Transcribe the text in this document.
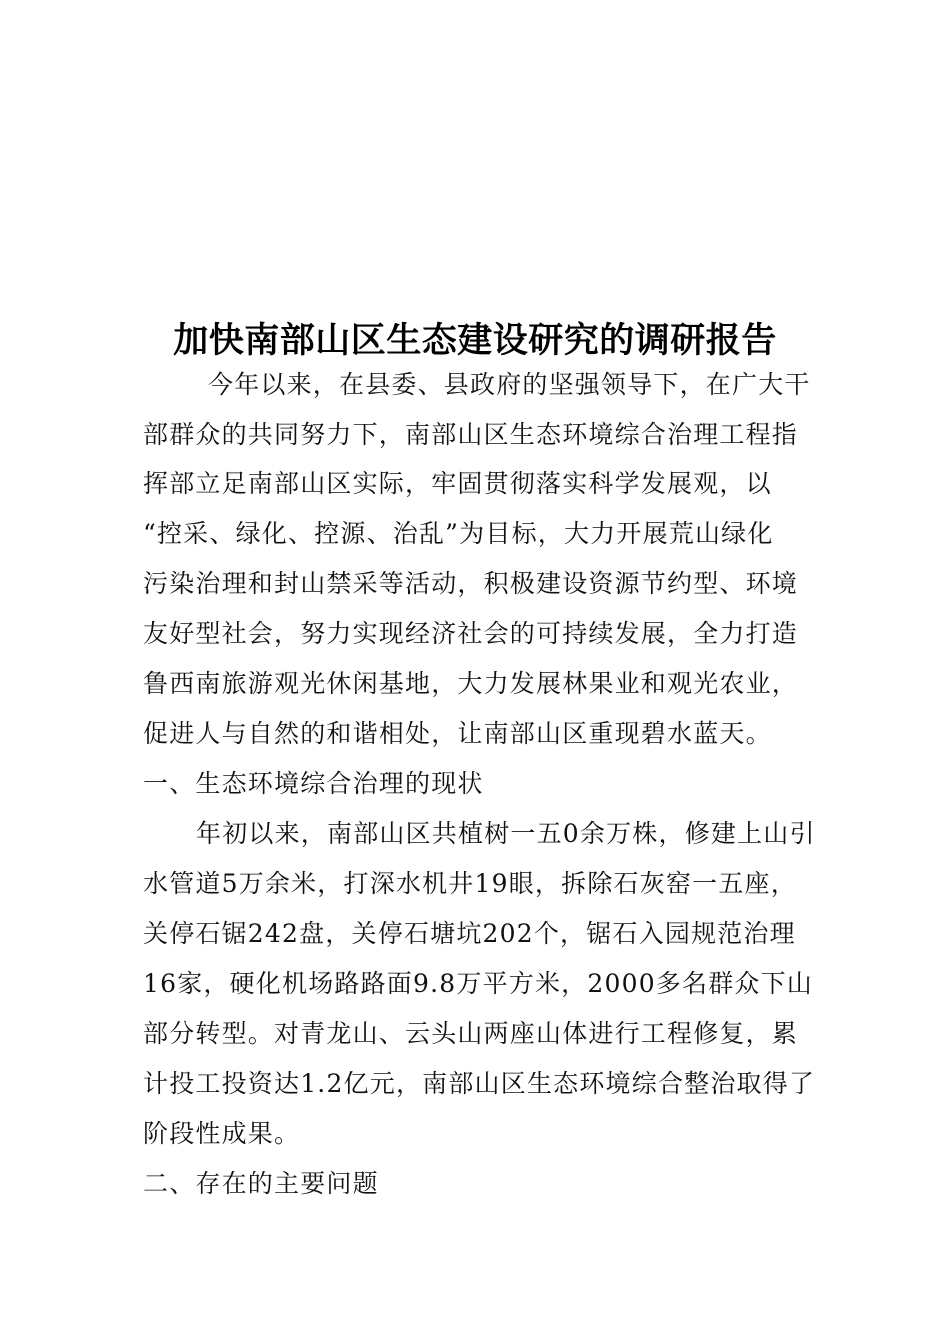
加快南部山区生态建设研究的调研报告

今年以来，在县委、县政府的坚强领导下，在广大干

部群众的共同努力下，南部山区生态环境综合治理工程指

挥部立足南部山区实际，牢固贯彻落实科学发展观，以

“控采、绿化、控源、治乱”为目标，大力开展荒山绿化

污染治理和封山禁采等活动，积极建设资源节约型、环境

友好型社会，努力实现经济社会的可持续发展，全力打造

鲁西南旅游观光休闲基地，大力发展林果业和观光农业，

促进人与自然的和谐相处，让南部山区重现碧水蓝天。

一、生态环境综合治理的现状

年初以来，南部山区共植树一五0余万株，修建上山引

水管道5万余米，打深水机井19眼，拆除石灰窑一五座，

关停石锯242盘，关停石塘坑202个，锯石入园规范治理

16家，硬化机场路路面9.8万平方米，2000多名群众下山

部分转型。对青龙山、云头山两座山体进行工程修复，累

计投工投资达1.2亿元，南部山区生态环境综合整治取得了

阶段性成果。

二、存在的主要问题
